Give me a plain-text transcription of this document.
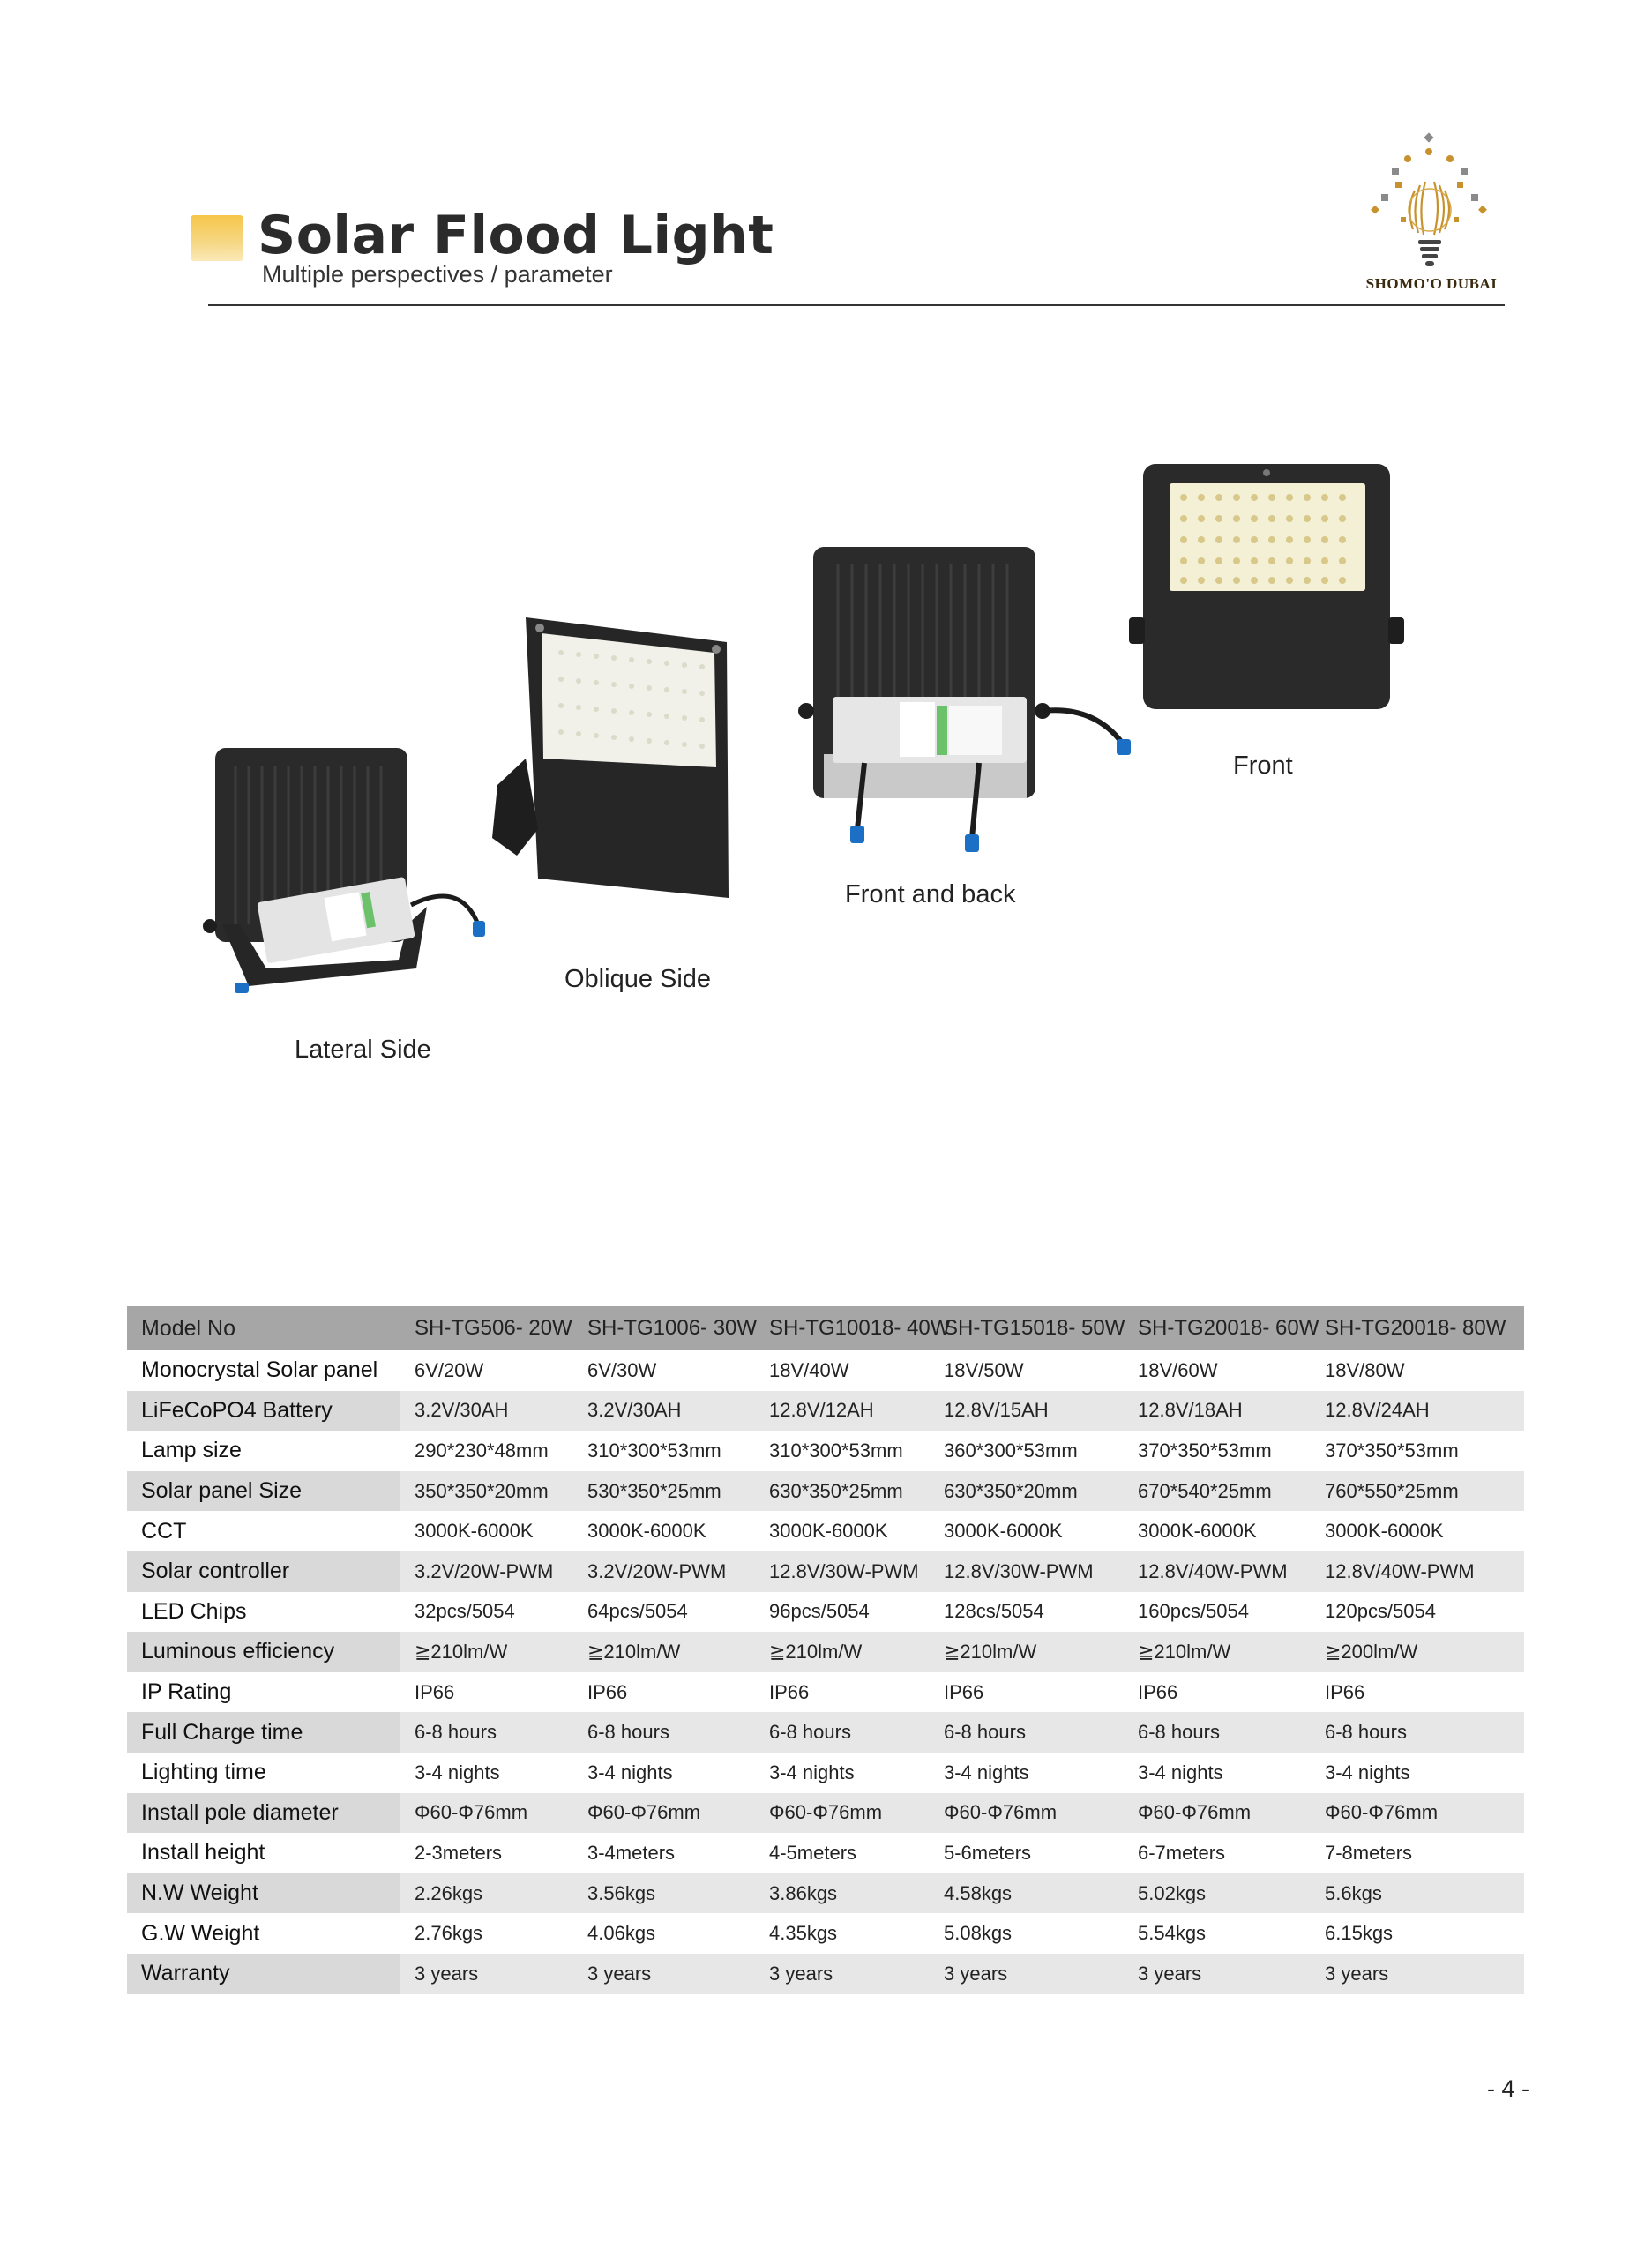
Solar Flood Light
Multiple perspectives / parameter	SHOMO'O DUBAI
Lateral Side
Oblique Side
Front and back
Front
Model No	SH-TG506- 20W	SH-TG1006- 30W	SH-TG10018- 40W	SH-TG15018- 50W	SH-TG20018- 60W	SH-TG20018- 80W
Monocrystal Solar panel	6V/20W	6V/30W	18V/40W	18V/50W	18V/60W	18V/80W
LiFeCoPO4 Battery	3.2V/30AH	3.2V/30AH	12.8V/12AH	12.8V/15AH	12.8V/18AH	12.8V/24AH
Lamp size	290*230*48mm	310*300*53mm	310*300*53mm	360*300*53mm	370*350*53mm	370*350*53mm
Solar panel Size	350*350*20mm	530*350*25mm	630*350*25mm	630*350*20mm	670*540*25mm	760*550*25mm
CCT	3000K-6000K	3000K-6000K	3000K-6000K	3000K-6000K	3000K-6000K	3000K-6000K
Solar controller	3.2V/20W-PWM	3.2V/20W-PWM	12.8V/30W-PWM	12.8V/30W-PWM	12.8V/40W-PWM	12.8V/40W-PWM
LED Chips	32pcs/5054	64pcs/5054	96pcs/5054	128cs/5054	160pcs/5054	120pcs/5054
Luminous efficiency	≧210lm/W	≧210lm/W	≧210lm/W	≧210lm/W	≧210lm/W	≧200lm/W
IP Rating	IP66	IP66	IP66	IP66	IP66	IP66
Full Charge time	6-8 hours	6-8 hours	6-8 hours	6-8 hours	6-8 hours	6-8 hours
Lighting time	3-4 nights	3-4 nights	3-4 nights	3-4 nights	3-4 nights	3-4 nights
Install pole diameter	Φ60-Φ76mm	Φ60-Φ76mm	Φ60-Φ76mm	Φ60-Φ76mm	Φ60-Φ76mm	Φ60-Φ76mm
Install height	2-3meters	3-4meters	4-5meters	5-6meters	6-7meters	7-8meters
N.W Weight	2.26kgs	3.56kgs	3.86kgs	4.58kgs	5.02kgs	5.6kgs
G.W Weight	2.76kgs	4.06kgs	4.35kgs	5.08kgs	5.54kgs	6.15kgs
Warranty	3 years	3 years	3 years	3 years	3 years	3 years
- 4 -
